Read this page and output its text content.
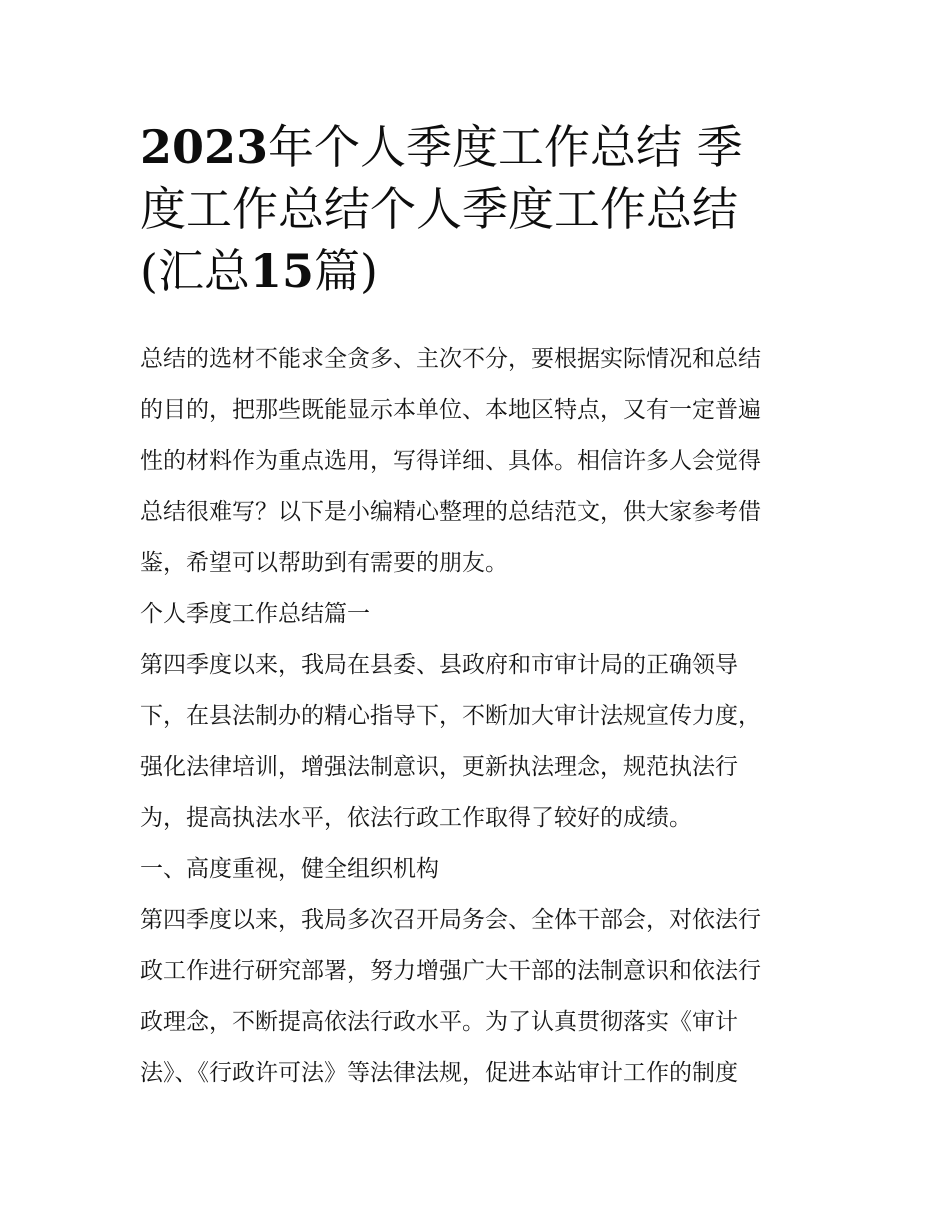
2023年个人季度工作总结 季
度工作总结个人季度工作总结
(汇总15篇)

总结的选材不能求全贪多、主次不分，要根据实际情况和总结
的目的，把那些既能显示本单位、本地区特点，又有一定普遍
性的材料作为重点选用，写得详细、具体。相信许多人会觉得
总结很难写？以下是小编精心整理的总结范文，供大家参考借
鉴，希望可以帮助到有需要的朋友。

个人季度工作总结篇一

第四季度以来，我局在县委、县政府和市审计局的正确领导
下，在县法制办的精心指导下，不断加大审计法规宣传力度，
强化法律培训，增强法制意识，更新执法理念，规范执法行
为，提高执法水平，依法行政工作取得了较好的成绩。

一、高度重视，健全组织机构

第四季度以来，我局多次召开局务会、全体干部会，对依法行
政工作进行研究部署，努力增强广大干部的法制意识和依法行
政理念，不断提高依法行政水平。为了认真贯彻落实《审计
法》、《行政许可法》等法律法规，促进本站审计工作的制度
